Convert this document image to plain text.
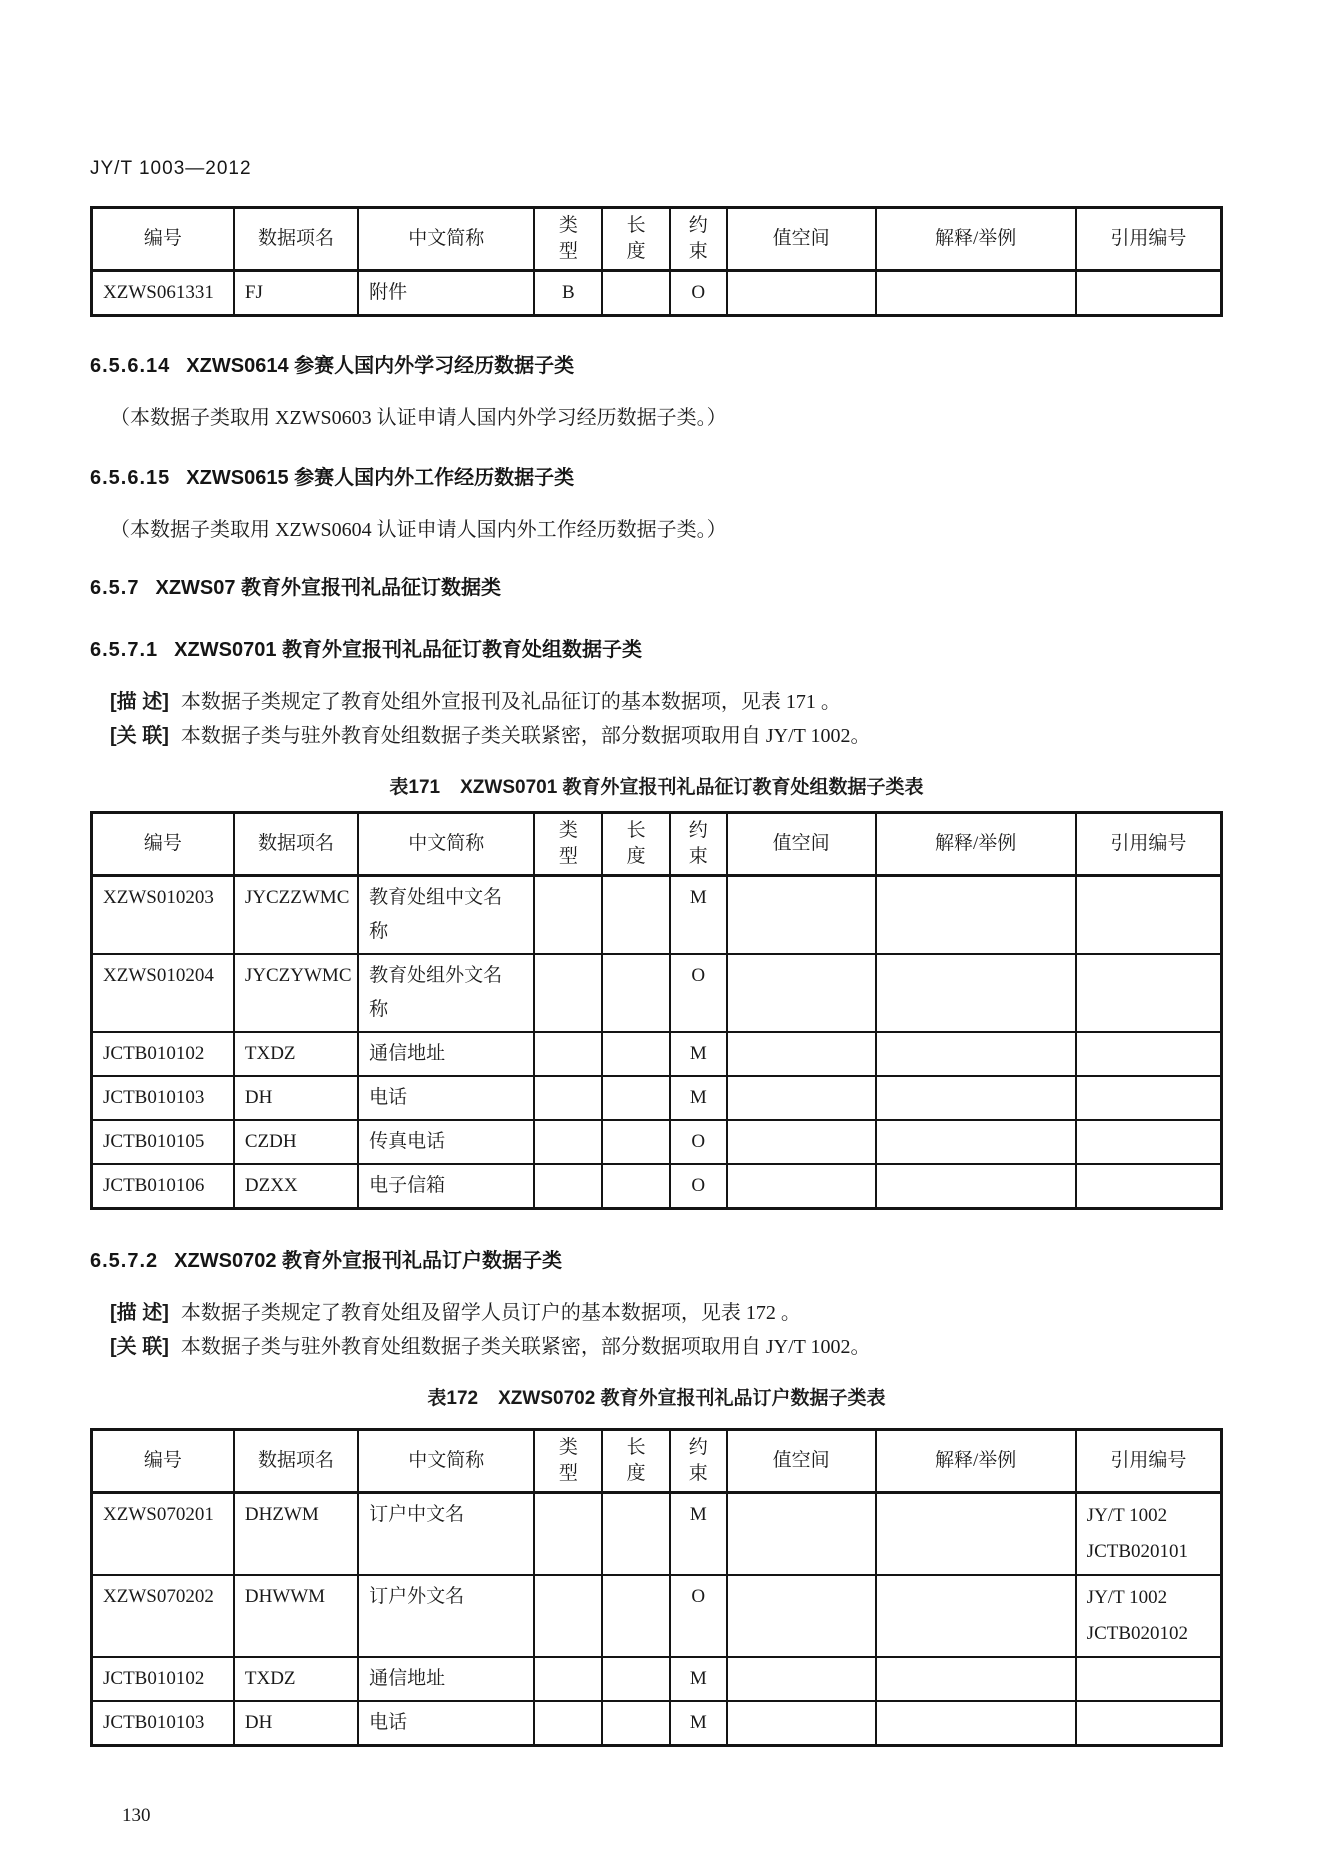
JY/T 1003—2012
编号	数据项名	中文简称	类型	长度	约束	值空间	解释/举例	引用编号
XZWS061331	FJ	附件	B		O			
6.5.6.14 XZWS0614 参赛人国内外学习经历数据子类
（本数据子类取用 XZWS0603 认证申请人国内外学习经历数据子类。）
6.5.6.15 XZWS0615 参赛人国内外工作经历数据子类
（本数据子类取用 XZWS0604 认证申请人国内外工作经历数据子类。）
6.5.7 XZWS07 教育外宣报刊礼品征订数据类
6.5.7.1 XZWS0701 教育外宣报刊礼品征订教育处组数据子类
[描 述] 本数据子类规定了教育处组外宣报刊及礼品征订的基本数据项，见表 171 。
[关 联] 本数据子类与驻外教育处组数据子类关联紧密，部分数据项取用自 JY/T 1002。
表171 XZWS0701 教育外宣报刊礼品征订教育处组数据子类表
编号	数据项名	中文简称	类型	长度	约束	值空间	解释/举例	引用编号
XZWS010203	JYCZZWMC	教育处组中文名称			M			
XZWS010204	JYCZYWMC	教育处组外文名称			O			
JCTB010102	TXDZ	通信地址			M			
JCTB010103	DH	电话			M			
JCTB010105	CZDH	传真电话			O			
JCTB010106	DZXX	电子信箱			O			
6.5.7.2 XZWS0702 教育外宣报刊礼品订户数据子类
[描 述] 本数据子类规定了教育处组及留学人员订户的基本数据项，见表 172 。
[关 联] 本数据子类与驻外教育处组数据子类关联紧密，部分数据项取用自 JY/T 1002。
表172 XZWS0702 教育外宣报刊礼品订户数据子类表
编号	数据项名	中文简称	类型	长度	约束	值空间	解释/举例	引用编号
XZWS070201	DHZWM	订户中文名			M			JY/T 1002
JCTB020101

XZWS070202	DHWWM	订户外文名			O			JY/T 1002
JCTB020102

JCTB010102	TXDZ	通信地址			M			
JCTB010103	DH	电话			M			
130
